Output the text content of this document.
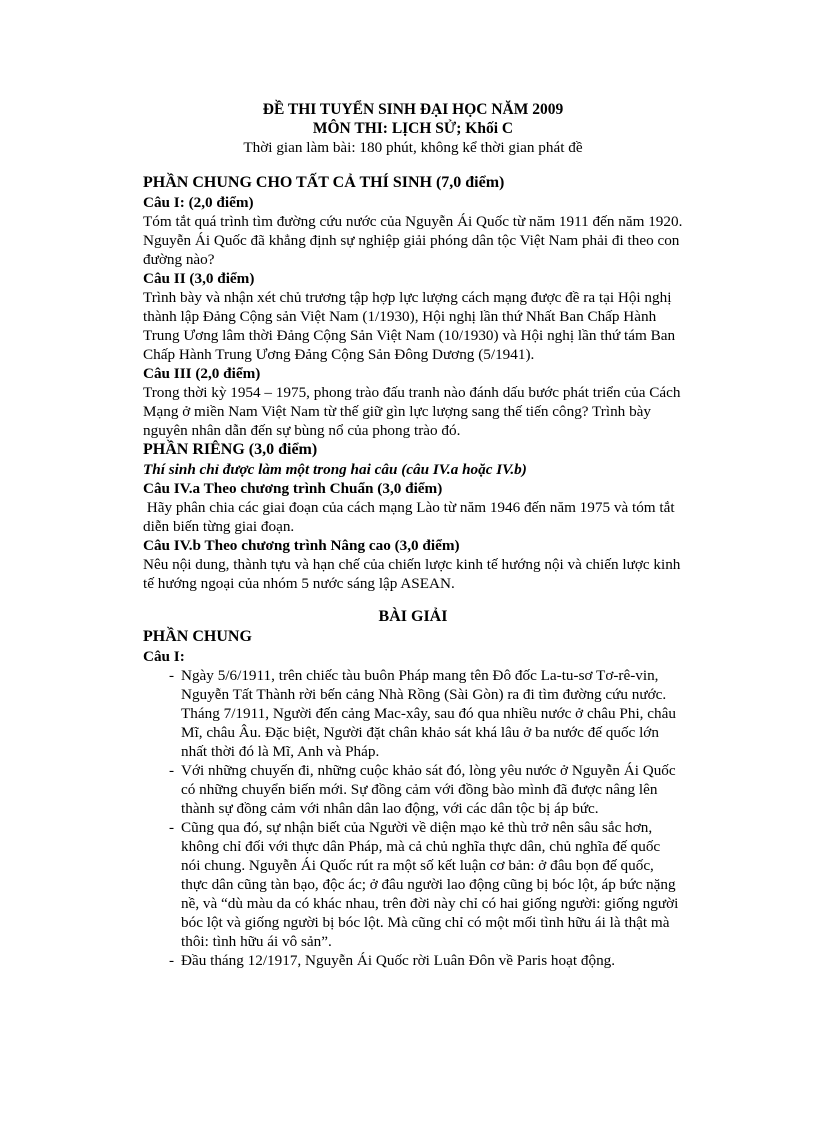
ĐỀ THI TUYỂN SINH ĐẠI HỌC NĂM 2009
MÔN THI: LỊCH SỬ; Khối C
Thời gian làm bài: 180 phút, không kể thời gian phát đề
PHẦN CHUNG CHO TẤT CẢ THÍ SINH (7,0 điểm)
Câu I: (2,0 điểm)

Tóm tắt quá trình tìm đường cứu nước của Nguyễn Ái Quốc từ năm 1911 đến năm 1920. Nguyễn Ái Quốc đã khẳng định sự nghiệp giải phóng dân tộc Việt Nam phải đi theo con đường nào?

Câu II (3,0 điểm)

Trình bày và nhận xét chủ trương tập hợp lực lượng cách mạng được đề ra tại Hội nghị thành lập Đảng Cộng sản Việt Nam (1/1930), Hội nghị lần thứ Nhất Ban Chấp Hành Trung Ương lâm thời Đảng Cộng Sản Việt Nam (10/1930) và Hội nghị lần thứ tám Ban Chấp Hành Trung Ương Đảng Cộng Sản Đông Dương (5/1941).

Câu III (2,0 điểm)

Trong thời kỳ 1954 – 1975, phong trào đấu tranh nào đánh dấu bước phát triển của Cách Mạng ở miền Nam Việt Nam từ thế giữ gìn lực lượng sang thế tiến công? Trình bày nguyên nhân dẫn đến sự bùng nổ của phong trào đó.

PHẦN RIÊNG (3,0 điểm)
Thí sinh chỉ được làm một trong hai câu (câu IV.a hoặc IV.b)
Câu IV.a Theo chương trình Chuẩn (3,0 điểm)

Hãy phân chia các giai đoạn của cách mạng Lào từ năm 1946 đến năm 1975 và tóm tắt diễn biến từng giai đoạn.

Câu IV.b Theo chương trình Nâng cao (3,0 điểm)

Nêu nội dung, thành tựu và hạn chế của chiến lược kinh tế hướng nội và chiến lược kinh tế hướng ngoại của nhóm 5 nước sáng lập ASEAN.

BÀI GIẢI
PHẦN CHUNG
Câu I:
- Ngày 5/6/1911, trên chiếc tàu buôn Pháp mang tên Đô đốc La-tu-sơ Tơ-rê-vin, Nguyễn Tất Thành rời bến cảng Nhà Rồng (Sài Gòn) ra đi tìm đường cứu nước. Tháng 7/1911, Người đến cảng Mac-xây, sau đó qua nhiều nước ở châu Phi, châu Mĩ, châu Âu. Đặc biệt, Người đặt chân khảo sát khá lâu ở ba nước đế quốc lớn nhất thời đó là Mĩ, Anh và Pháp.
- Với những chuyến đi, những cuộc khảo sát đó, lòng yêu nước ở Nguyễn Ái Quốc có những chuyển biến mới. Sự đồng cảm với đồng bào mình đã được nâng lên thành sự đồng cảm với nhân dân lao động, với các dân tộc bị áp bức.
- Cũng qua đó, sự nhận biết của Người về diện mạo kẻ thù trở nên sâu sắc hơn, không chỉ đối với thực dân Pháp, mà cả chủ nghĩa thực dân, chủ nghĩa đế quốc nói chung. Nguyễn Ái Quốc rút ra một số kết luận cơ bản: ở đâu bọn đế quốc, thực dân cũng tàn bạo, độc ác; ở đâu người lao động cũng bị bóc lột, áp bức nặng nề, và “dù màu da có khác nhau, trên đời này chỉ có hai giống người: giống người bóc lột và giống người bị bóc lột. Mà cũng chỉ có một mối tình hữu ái là thật mà thôi: tình hữu ái vô sản”.
- Đầu tháng 12/1917, Nguyễn Ái Quốc rời Luân Đôn về Paris hoạt động.
